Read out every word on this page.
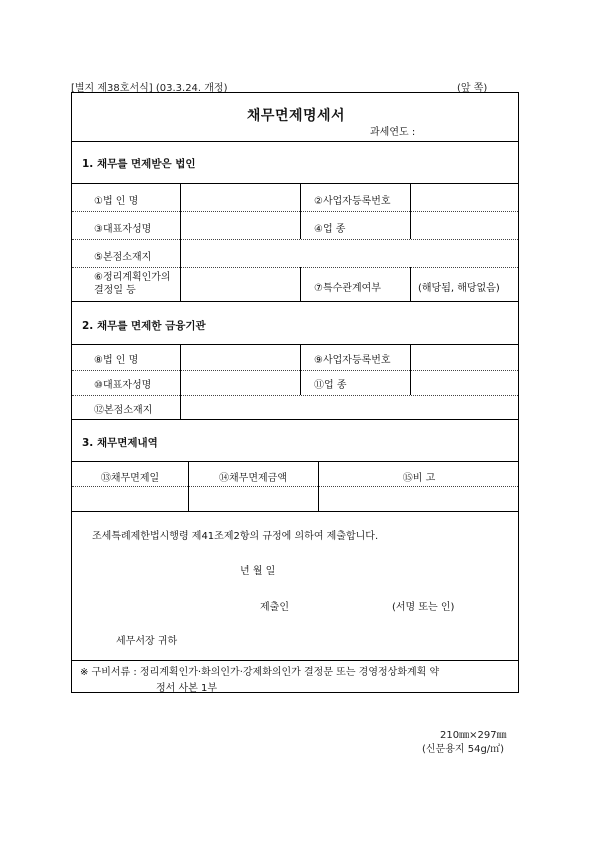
[별지 제38호서식] (03.3.24. 개정)	(앞 쪽)
채무면제명세서
과세연도 :
1. 채무를 면제받은 법인
①법 인 명	②사업자등록번호
③대표자성명	④업 종
⑤본점소재지
⑥정리계획인가의 결정일 등	⑦특수관계여부	(해당됨, 해당없음)
2. 채무를 면제한 금융기관
⑧법 인 명	⑨사업자등록번호
⑩대표자성명	⑪업 종
⑫본점소재지
3. 채무면제내역
⑬채무면제일	⑭채무면제금액	⑮비 고
조세특례제한법시행령 제41조제2항의 규정에 의하여 제출합니다.
년 월 일
제출인	(서명 또는 인)
세무서장 귀하
※ 구비서류 : 정리계획인가·화의인가·강제화의인가 결정문 또는 경영정상화계획 약
정서 사본 1부
210㎜×297㎜
(신문용지 54g/㎡)
